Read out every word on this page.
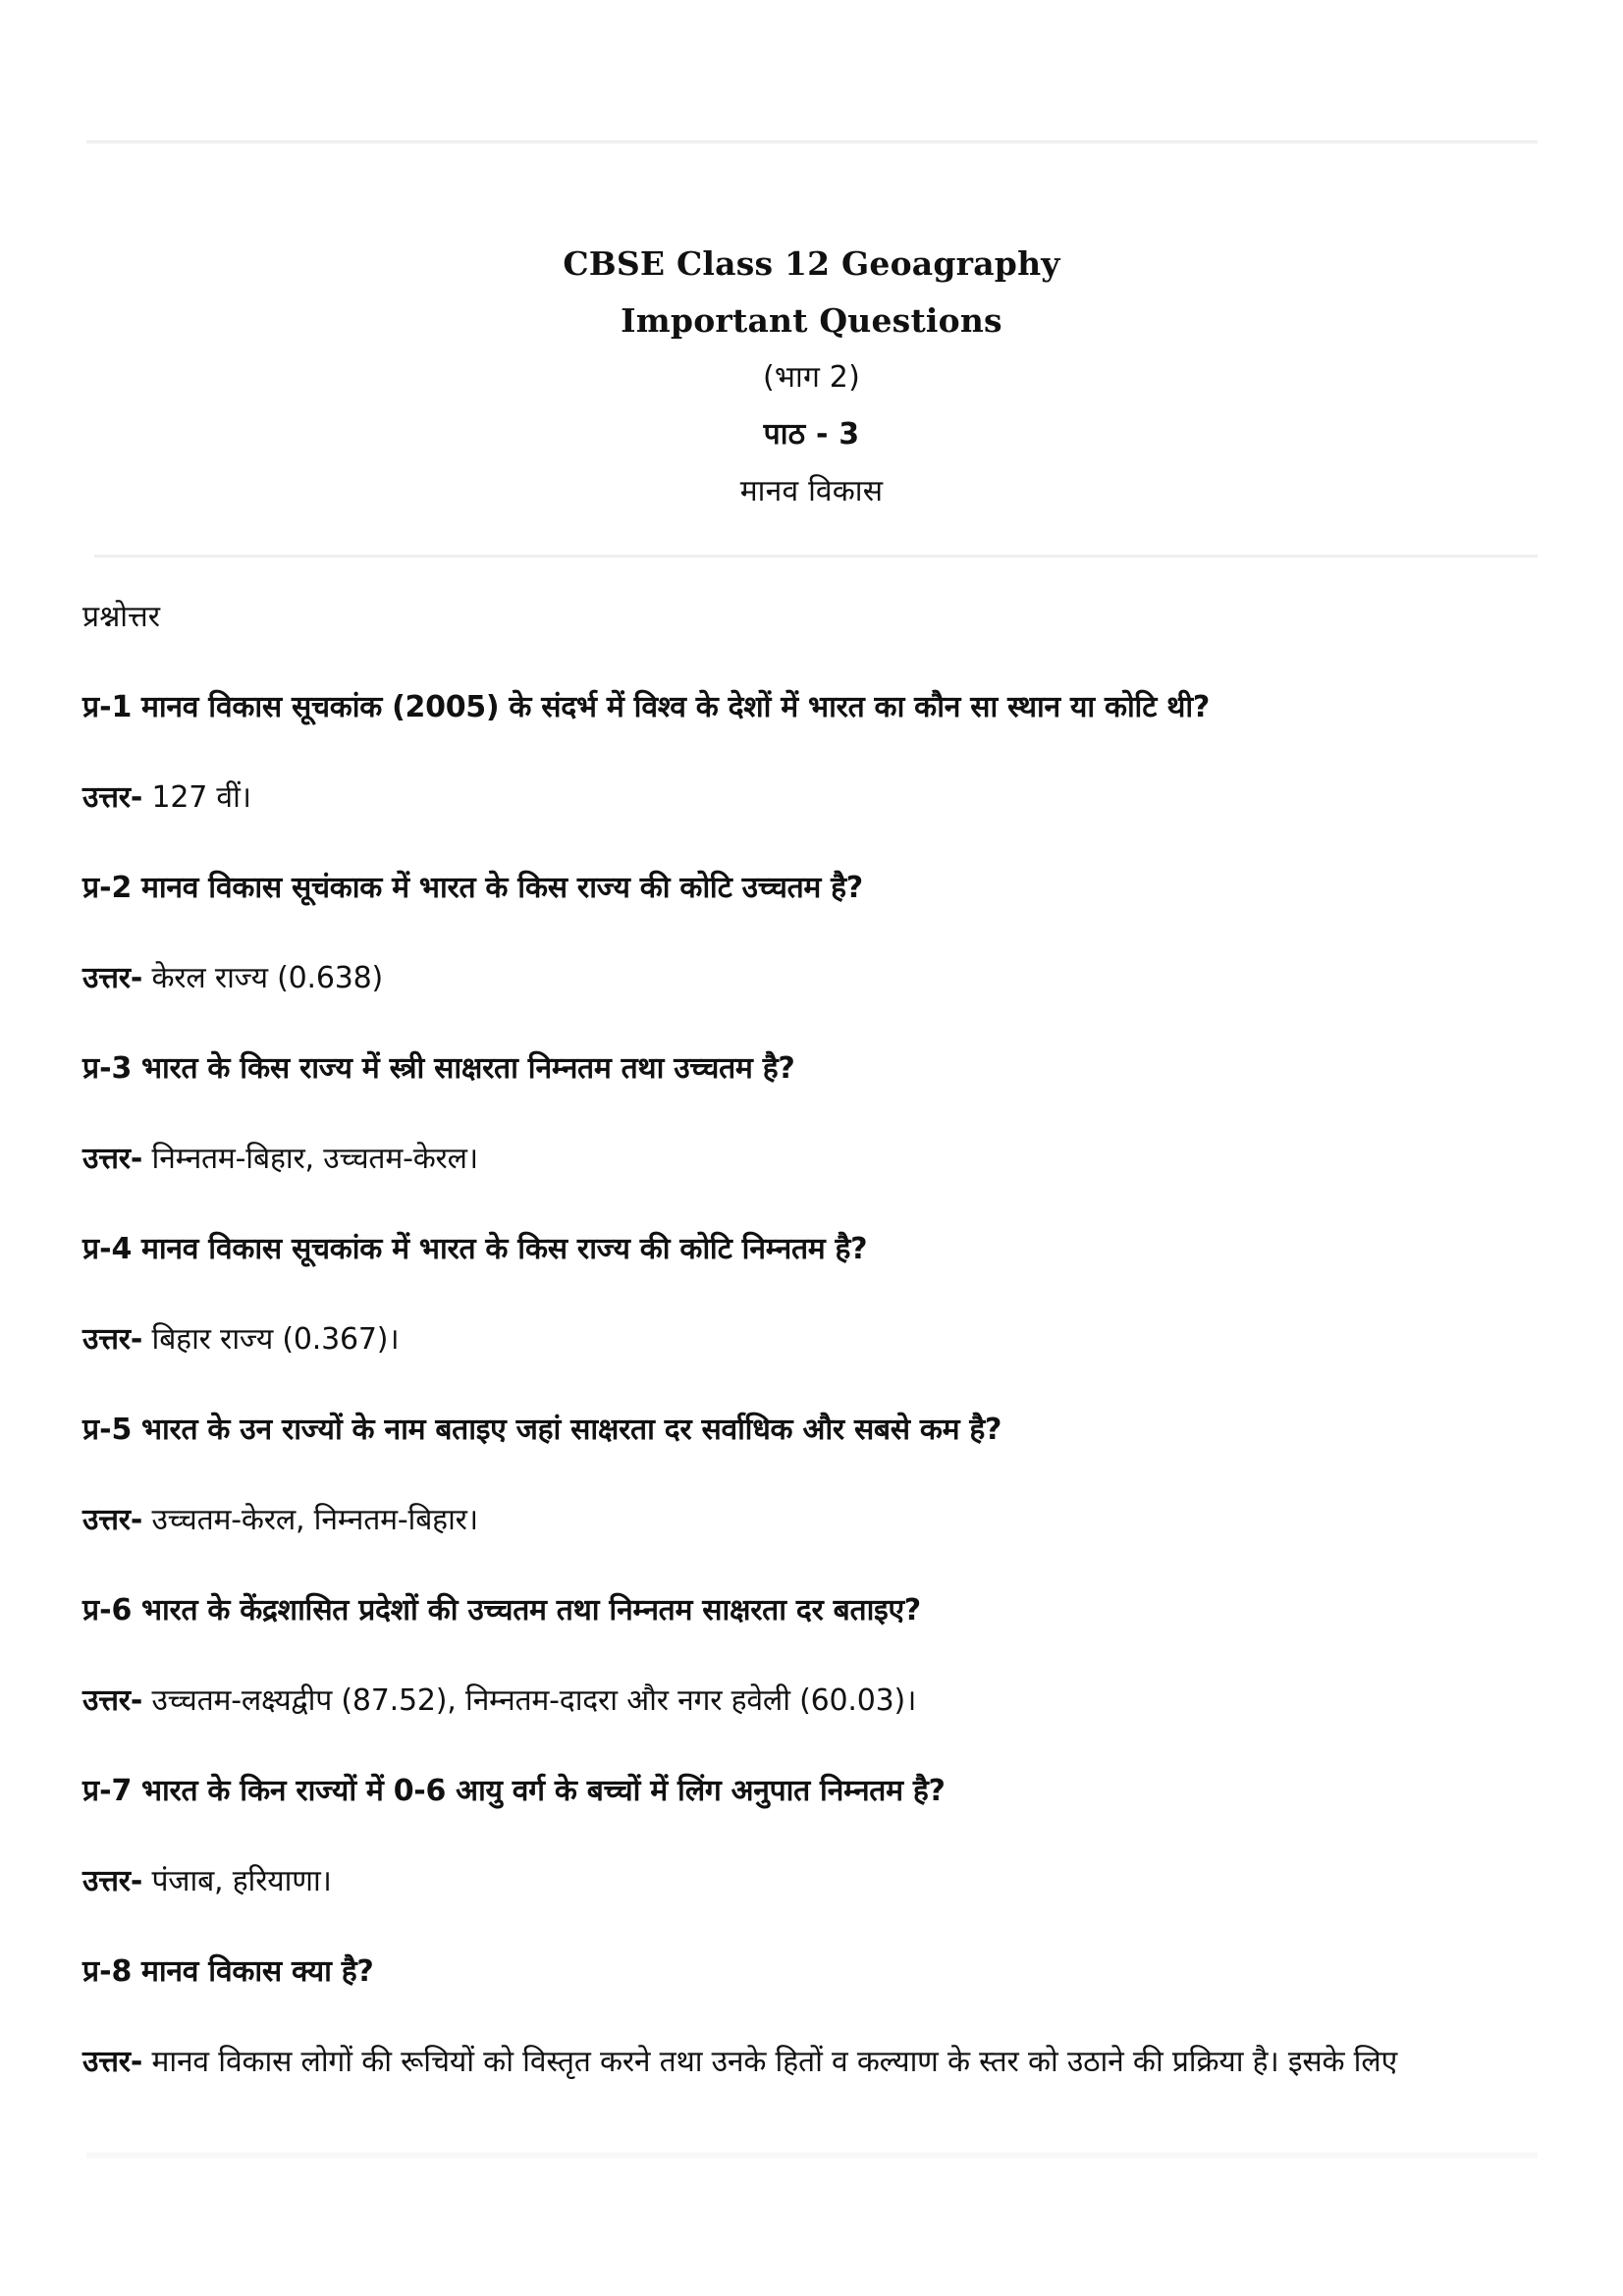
CBSE Class 12 Geoagraphy
Important Questions
(भाग 2)
पाठ - 3
मानव विकास
प्रश्नोत्तर
प्र-1 मानव विकास सूचकांक (2005) के संदर्भ में विश्व के देशों में भारत का कौन सा स्थान या कोटि थी?
उत्तर- 127 वीं।
प्र-2 मानव विकास सूचंकाक में भारत के किस राज्य की कोटि उच्चतम है?
उत्तर- केरल राज्य (0.638)
प्र-3 भारत के किस राज्य में स्त्री साक्षरता निम्नतम तथा उच्चतम है?
उत्तर- निम्नतम-बिहार, उच्चतम-केरल।
प्र-4 मानव विकास सूचकांक में भारत के किस राज्य की कोटि निम्नतम है?
उत्तर- बिहार राज्य (0.367)।
प्र-5 भारत के उन राज्यों के नाम बताइए जहां साक्षरता दर सर्वाधिक और सबसे कम है?
उत्तर- उच्चतम-केरल, निम्नतम-बिहार।
प्र-6 भारत के केंद्रशासित प्रदेशों की उच्चतम तथा निम्नतम साक्षरता दर बताइए?
उत्तर- उच्चतम-लक्ष्यद्वीप (87.52), निम्नतम-दादरा और नगर हवेली (60.03)।
प्र-7 भारत के किन राज्यों में 0-6 आयु वर्ग के बच्चों में लिंग अनुपात निम्नतम है?
उत्तर- पंजाब, हरियाणा।
प्र-8 मानव विकास क्या है?
उत्तर- मानव विकास लोगों की रूचियों को विस्तृत करने तथा उनके हितों व कल्याण के स्तर को उठाने की प्रक्रिया है। इसके लिए
